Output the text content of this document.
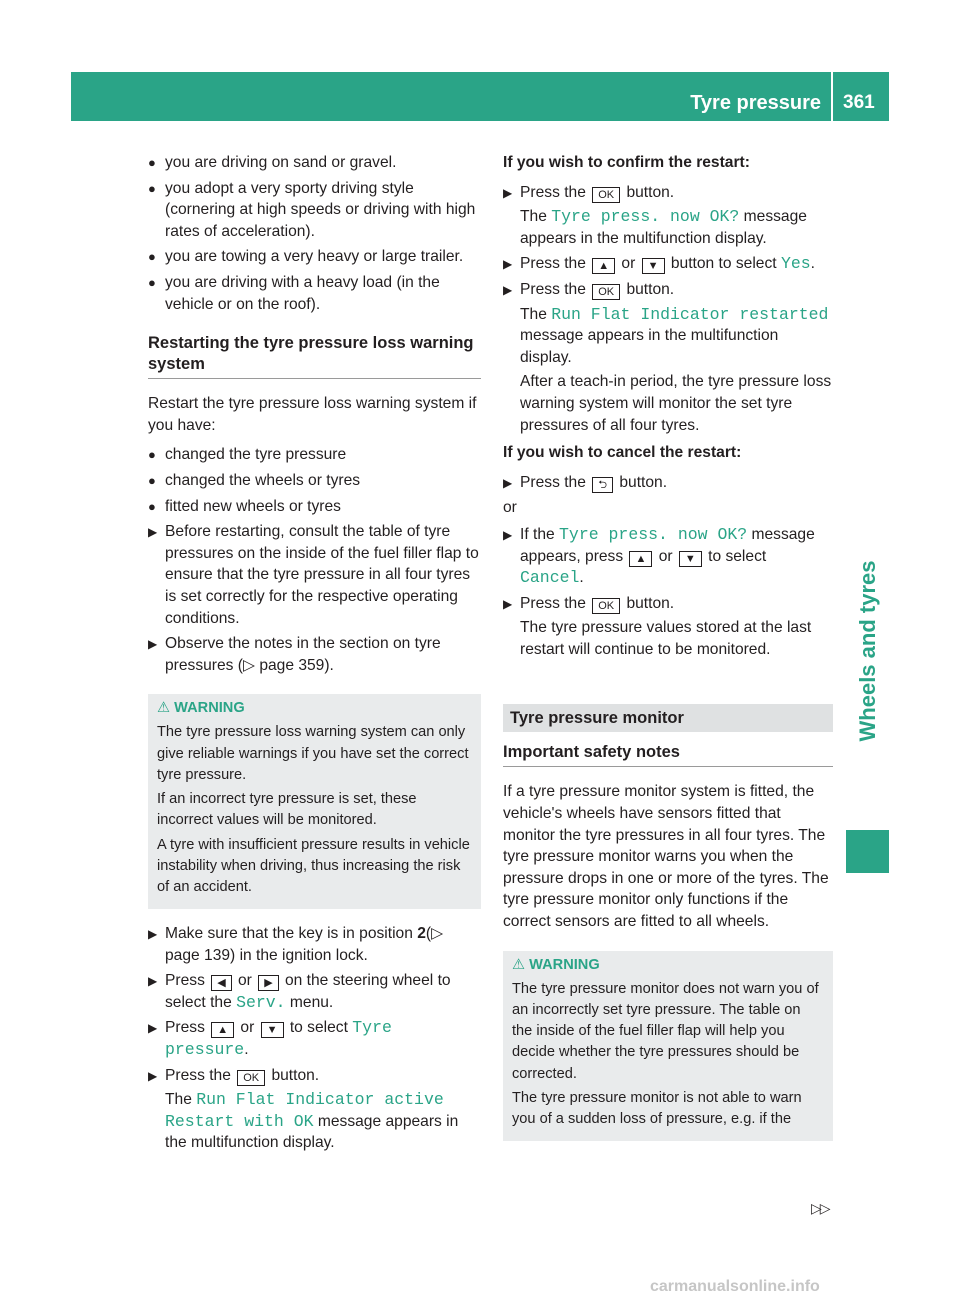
Tyre pressure 361
Wheels and tyres
● you are driving on sand or gravel.
● you adopt a very sporty driving style (cornering at high speeds or driving with high rates of acceleration).
● you are towing a very heavy or large trailer.
● you are driving with a heavy load (in the vehicle or on the roof).
Restarting the tyre pressure loss warning system

Restart the tyre pressure loss warning system if you have:

● changed the tyre pressure
● changed the wheels or tyres
● fitted new wheels or tyres
▶ Before restarting, consult the table of tyre pressures on the inside of the fuel filler flap to ensure that the tyre pressure in all four tyres is set correctly for the respective operating conditions.
▶ Observe the notes in the section on tyre pressures (▷ page 359).
⚠ WARNING

The tyre pressure loss warning system can only give reliable warnings if you have set the correct tyre pressure.

If an incorrect tyre pressure is set, these incorrect values will be monitored.

A tyre with insufficient pressure results in vehicle instability when driving, thus increasing the risk of an accident.

▶ Make sure that the key is in position 2(▷ page 139) in the ignition lock.
▶ Press ◀ or ▶ on the steering wheel to select the Serv. menu.
▶ Press ▲ or ▼ to select Tyre pressure.
▶ Press the OK button.
The Run Flat Indicator active Restart with OK message appears in the multifunction display.

If you wish to confirm the restart:

▶ Press the OK button.
The Tyre press. now OK? message appears in the multifunction display.
▶ Press the ▲ or ▼ button to select Yes.
▶ Press the OK button.
The Run Flat Indicator restarted message appears in the multifunction display.
After a teach-in period, the tyre pressure loss warning system will monitor the set tyre pressures of all four tyres.

If you wish to cancel the restart:

▶ Press the ⮌ button.

or

▶ If the Tyre press. now OK? message appears, press ▲ or ▼ to select Cancel.
▶ Press the OK button.
The tyre pressure values stored at the last restart will continue to be monitored.
Tyre pressure monitor
Important safety notes

If a tyre pressure monitor system is fitted, the vehicle's wheels have sensors fitted that monitor the tyre pressures in all four tyres. The tyre pressure monitor warns you when the pressure drops in one or more of the tyres. The tyre pressure monitor only functions if the correct sensors are fitted to all wheels.

⚠ WARNING

The tyre pressure monitor does not warn you of an incorrectly set tyre pressure. The table on the inside of the fuel filler flap will help you decide whether the tyre pressures should be corrected.

The tyre pressure monitor is not able to warn you of a sudden loss of pressure, e.g. if the

▷▷
carmanualsonline.info
